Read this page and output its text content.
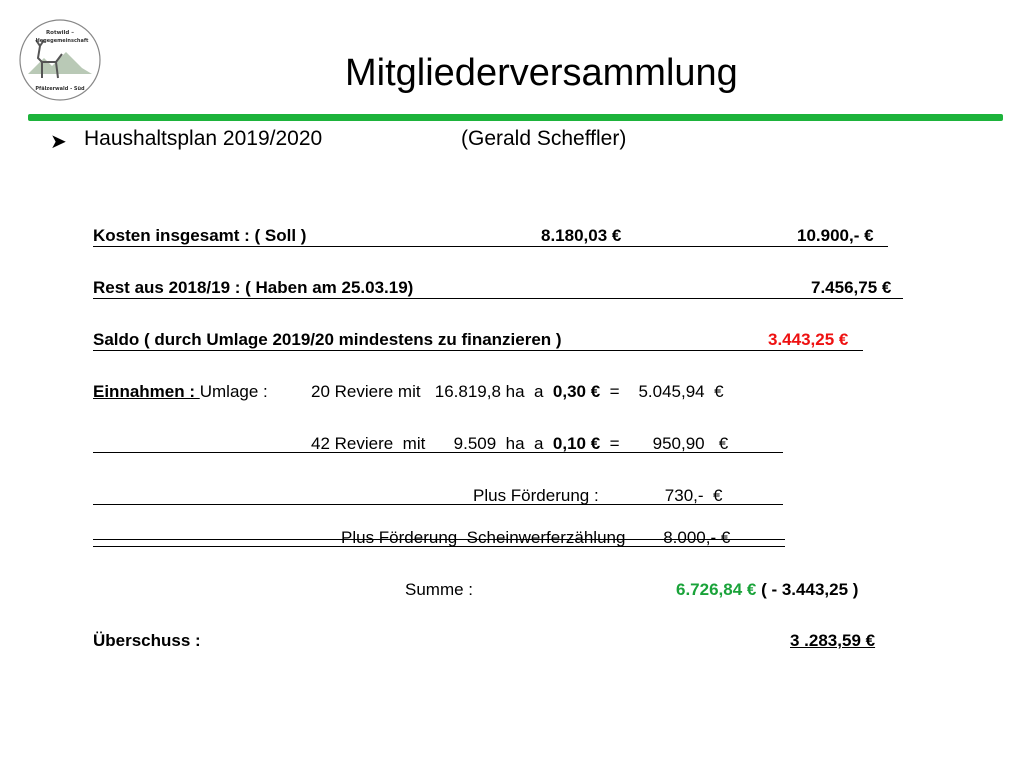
Rotwild –
Hegegemeinschaft
Pfälzerwald - Süd	Mitgliederversammlung
➤ Haushaltsplan 2019/2020	(Gerald Scheffler)
Kosten insgesamt : ( Soll )	8.180,03 €	10.900,- €
Rest aus 2018/19 : ( Haben am 25.03.19)	7.456,75 €
Saldo ( durch Umlage 2019/20 mindestens zu finanzieren )	3.443,25 €
Einnahmen : Umlage :	20 Reviere mit   16.819,8 ha  a  0,30 €  =    5.045,94  €
42 Reviere  mit      9.509  ha  a  0,10 €  =       950,90   €
Plus Förderung :              730,-  €
Plus Förderung  Scheinwerferzählung        8.000,- €
Summe :	6.726,84 € ( - 3.443,25 )
Überschuss :	3 .283,59 €
